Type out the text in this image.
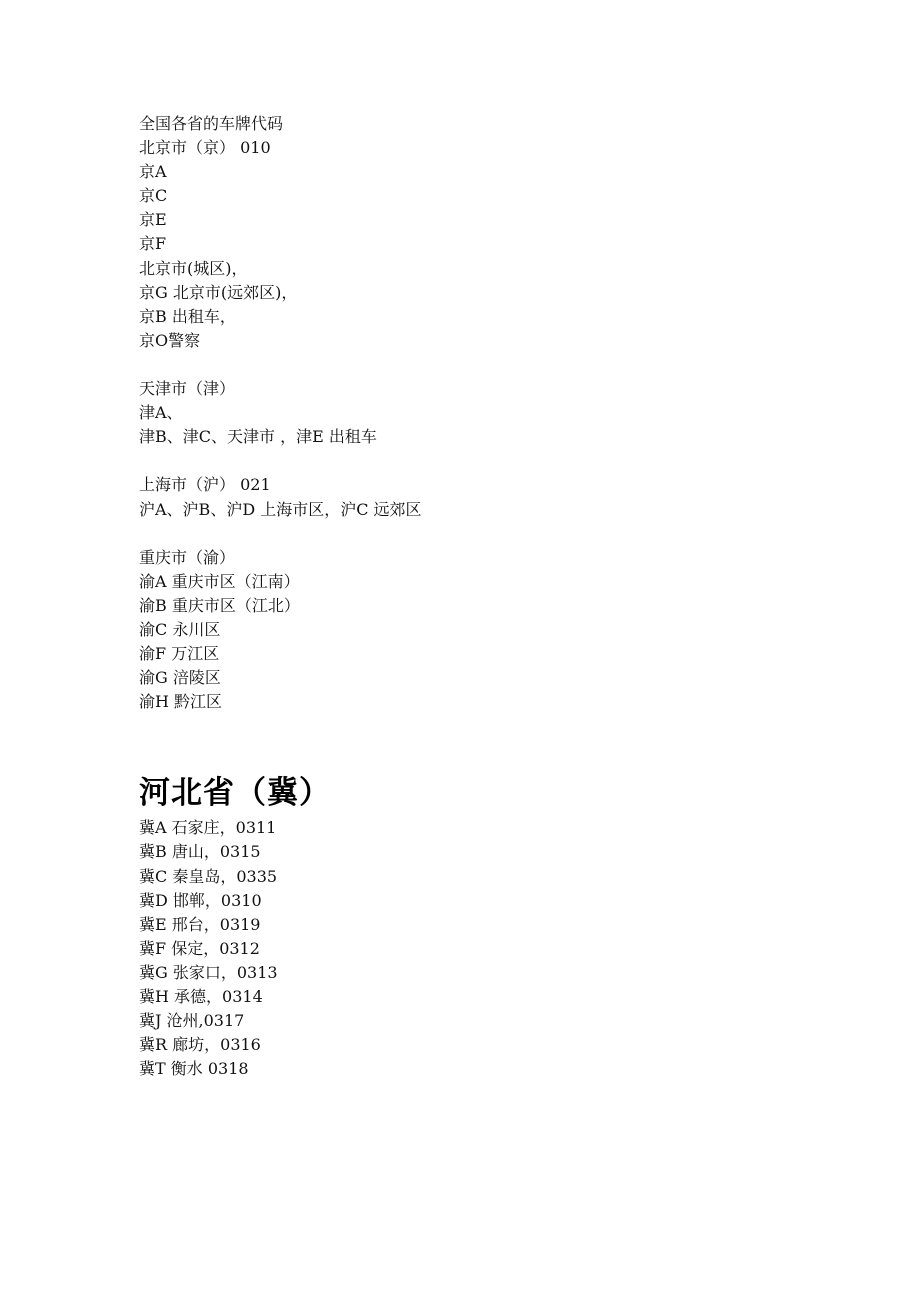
全国各省的车牌代码
北京市（京） 010
京A
京C
京E
京F
北京市(城区)，
京G 北京市(远郊区)，
京B 出租车，
京O警察
天津市（津）
津A、
津B、津C、天津市 ，津E 出租车
上海市（沪） 021
沪A、沪B、沪D 上海市区，沪C 远郊区
重庆市（渝）
渝A 重庆市区（江南）
渝B 重庆市区（江北）
渝C 永川区
渝F 万江区
渝G 涪陵区
渝H 黔江区
河北省（冀）
冀A 石家庄，0311
冀B 唐山，0315
冀C 秦皇岛，0335
冀D 邯郸，0310
冀E 邢台，0319
冀F 保定，0312
冀G 张家口，0313
冀H 承德，0314
冀J 沧州,0317
冀R 廊坊，0316
冀T 衡水 0318
